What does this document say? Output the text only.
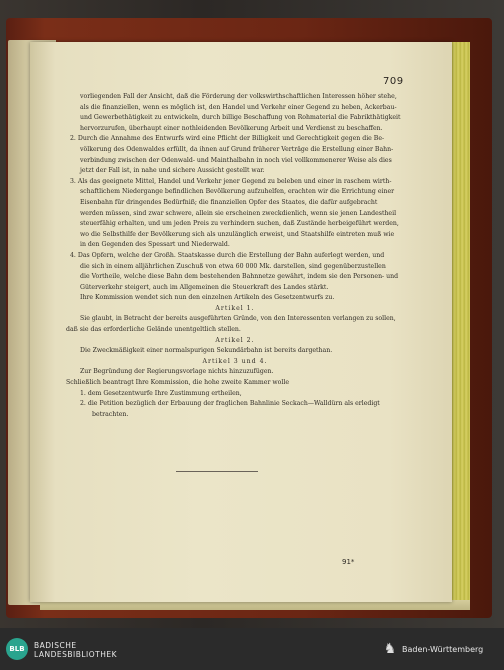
709
vorliegenden Fall der Ansicht, daß die Förderung der volkswirthschaftlichen Interessen höher stehe,
als die finanziellen, wenn es möglich ist, den Handel und Verkehr einer Gegend zu heben, Ackerbau-
und Gewerbethätigkeit zu entwickeln, durch billige Beschaffung von Rohmaterial die Fabrikthätigkeit
hervorzurufen, überhaupt einer nothleidenden Bevölkerung Arbeit und Verdienst zu beschaffen.
2. Durch die Annahme des Entwurfs wird eine Pflicht der Billigkeit und Gerechtigkeit gegen die Be-
völkerung des Odenwaldes erfüllt, da ihnen auf Grund früherer Verträge die Erstellung einer Bahn-
verbindung zwischen der Odenwald- und Mainthalbahn in noch viel vollkommenerer Weise als dies
jetzt der Fall ist, in nahe und sichere Aussicht gestellt war.
3. Als das geeignete Mittel, Handel und Verkehr jener Gegend zu beleben und einer in raschem wirth-
schaftlichem Niedergange befindlichen Bevölkerung aufzuhelfen, erachten wir die Errichtung einer
Eisenbahn für dringendes Bedürfniß; die finanziellen Opfer des Staates, die dafür aufgebracht
werden müssen, sind zwar schwere, allein sie erscheinen zweckdienlich, wenn sie jenen Landestheil
steuerfähig erhalten, und um jeden Preis zu verhindern suchen, daß Zustände herbeigeführt werden,
wo die Selbsthilfe der Bevölkerung sich als unzulänglich erweist, und Staatshilfe eintreten muß wie
in den Gegenden des Spessart und Niederwald.
4. Das Opfern, welche der Großh. Staatskasse durch die Erstellung der Bahn auferlegt werden, und
die sich in einem alljährlichen Zuschuß von etwa 60 000 Mk. darstellen, sind gegenüberzustellen
die Vortheile, welche diese Bahn dem bestehenden Bahnnetze gewährt, indem sie den Personen- und
Güterverkehr steigert, auch im Allgemeinen die Steuerkraft des Landes stärkt.
Ihre Kommission wendet sich nun den einzelnen Artikeln des Gesetzentwurfs zu.
Artikel 1.
Sie glaubt, in Betracht der bereits ausgeführten Gründe, von den Interessenten verlangen zu sollen,
daß sie das erforderliche Gelände unentgeltlich stellen.
Artikel 2.
Die Zweckmäßigkeit einer normalspurigen Sekundärbahn ist bereits dargethan.
Artikel 3 und 4.
Zur Begründung der Regierungsvorlage nichts hinzuzufügen.
Schließlich beantragt Ihre Kommission, die hohe zweite Kammer wolle
1. dem Gesetzentwurfe Ihre Zustimmung ertheilen,
2. die Petition bezüglich der Erbauung der fraglichen Bahnlinie Seckach—Walldürn als erledigt
betrachten.
91*
BLB	BADISCHE
LANDESBIBLIOTHEK	♞ Baden-Württemberg
